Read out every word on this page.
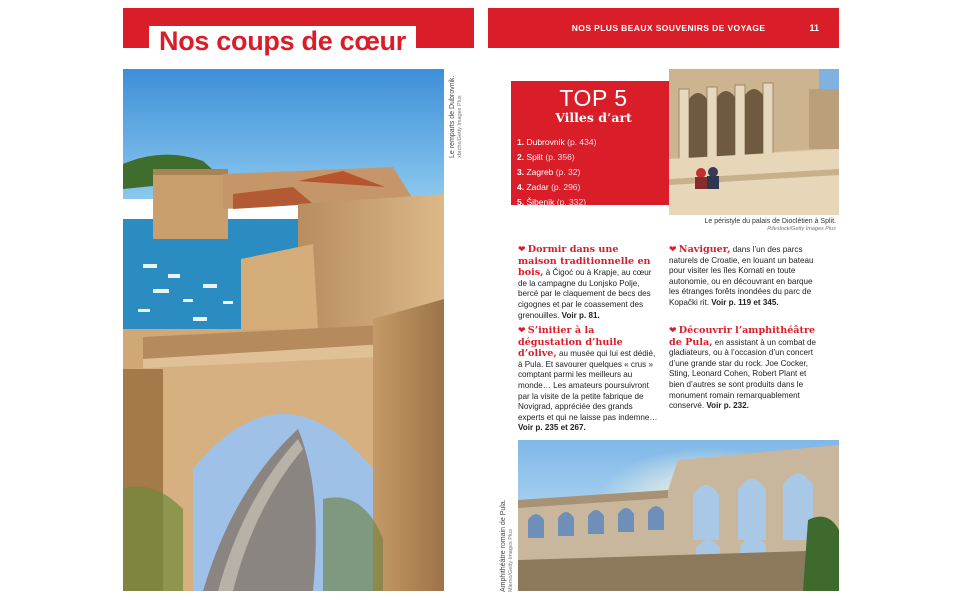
Nos coups de cœur
Le remparts de Dubrovnik. xbrchx/Getty Images Plus
NOS PLUS BEAUX SOUVENIRS DE VOYAGE	11
TOP 5
Villes d’art
1. Dubrovnik (p. 434)
2. Split (p. 356)
3. Zagreb (p. 32)
4. Zadar (p. 296)
5. Šibenik (p. 332)
Le péristyle du palais de Dioclétien à Split.
Rilestock/Getty Images Plus
❤ Dormir dans une maison traditionnelle en bois, à Čigoć ou à Krapje, au cœur de la campagne du Lonjsko Polje, bercé par le claquement de becs des cigognes et par le coassement des grenouilles. Voir p. 81.
❤ S’initier à la dégustation d’huile d’olive, au musée qui lui est dédié, à Pula. Et savourer quelques « crus » comptant parmi les meilleurs au monde… Les amateurs poursuivront par la visite de la petite fabrique de Novigrad, appréciée des grands experts et qui ne laisse pas indemne… Voir p. 235 et 267.
❤ Naviguer, dans l’un des parcs naturels de Croatie, en louant un bateau pour visiter les îles Kornati en toute autonomie, ou en découvrant en barque les étranges forêts inondées du parc de Kopački rit. Voir p. 119 et 345.
❤ Découvrir l’amphithéâtre de Pula, en assistant à un combat de gladiateurs, ou à l’occasion d’un concert d’une grande star du rock. Joe Cocker, Sting, Leonard Cohen, Robert Plant et bien d’autres se sont produits dans le monument romain remarquablement conservé. Voir p. 232.
Amphithéâtre romain de Pula. Miemo/Getty Images Plus
